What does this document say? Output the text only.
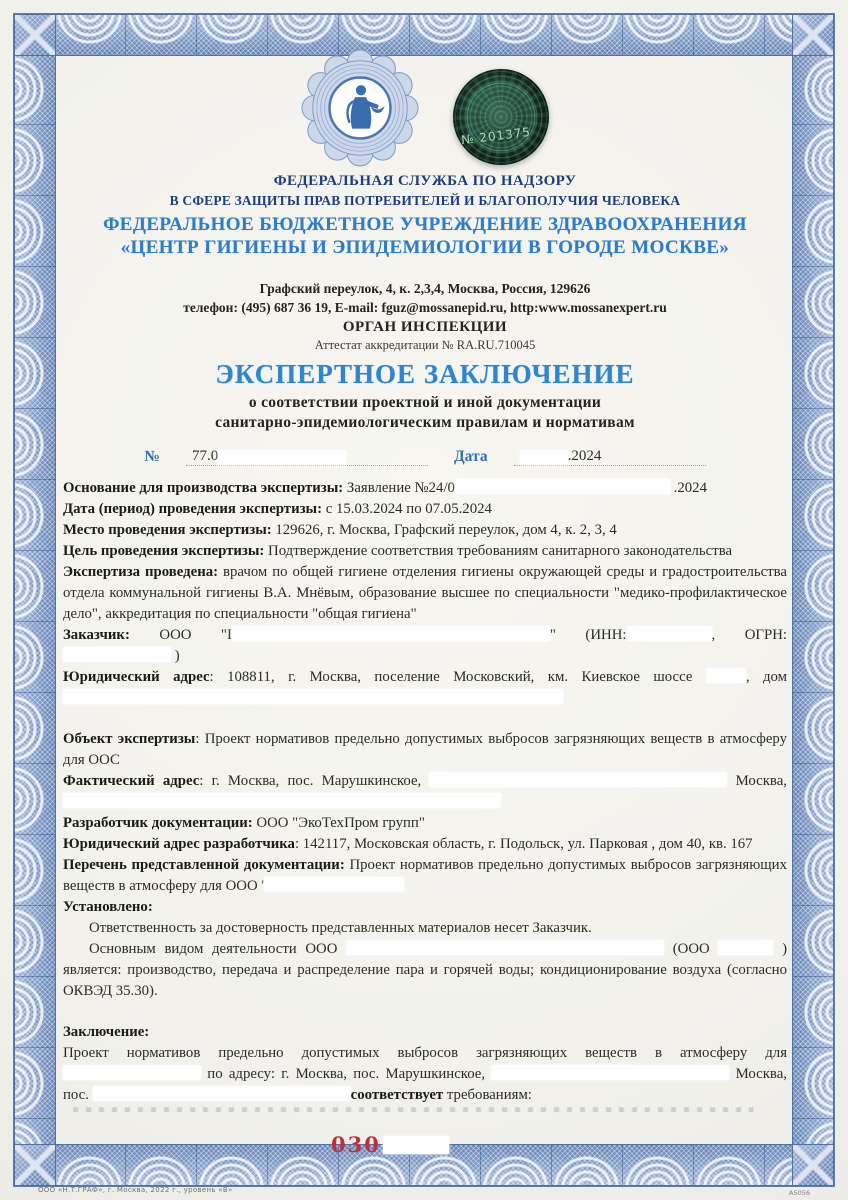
№ 201375
ФЕДЕРАЛЬНАЯ СЛУЖБА ПО НАДЗОРУ
В СФЕРЕ ЗАЩИТЫ ПРАВ ПОТРЕБИТЕЛЕЙ И БЛАГОПОЛУЧИЯ ЧЕЛОВЕКА
ФЕДЕРАЛЬНОЕ БЮДЖЕТНОЕ УЧРЕЖДЕНИЕ ЗДРАВООХРАНЕНИЯ
«ЦЕНТР ГИГИЕНЫ И ЭПИДЕМИОЛОГИИ В ГОРОДЕ МОСКВЕ»
Графский переулок, 4, к. 2,3,4, Москва, Россия, 129626
телефон: (495) 687 36 19, E-mail: fguz@mossanepid.ru, http:www.mossanexpert.ru
ОРГАН ИНСПЕКЦИИ
Аттестат аккредитации № RA.RU.710045
ЭКСПЕРТНОЕ ЗАКЛЮЧЕНИЕ
о соответствии проектной и иной документации
санитарно-эпидемиологическим правилам и нормативам
№ 77.0	Дата	.2024

Основание для производства экспертизы: Заявление №24/0	.2024

Дата (период) проведения экспертизы: с 15.03.2024 по 07.05.2024

Место проведения экспертизы: 129626, г. Москва, Графский переулок, дом 4, к. 2, 3, 4

Цель проведения экспертизы: Подтверждение соответствия требованиям санитарного законодательства

Экспертиза проведена: врачом по общей гигиене отделения гигиены окружающей среды и градостроительства отдела коммунальной гигиены В.А. Мнёвым, образование высшее по специальности "медико-профилактическое дело", аккредитация по специальности "общая гигиена"

Заказчик: ООО "I	" (ИНН:	, ОГРН: )

Юридический адрес: 108811, г. Москва, поселение Московский, км. Киевское шоссе	, дом

Объект экспертизы: Проект нормативов предельно допустимых выбросов загрязняющих веществ в атмосферу для ООС

Фактический адрес: г. Москва, пос. Марушкинское,	Москва,

Разработчик документации: ООО "ЭкоТехПром групп"

Юридический адрес разработчика: 142117, Московская область, г. Подольск, ул. Парковая , дом 40, кв. 167

Перечень представленной документации: Проект нормативов предельно допустимых выбросов загрязняющих веществ в атмосферу для ООО '

Установлено:

Ответственность за достоверность представленных материалов несет Заказчик.

Основным видом деятельности ООО	(ООО	) является: производство, передача и распределение пара и горячей воды; кондиционирование воздуха (согласно ОКВЭД 35.30).

Заключение:

Проект нормативов предельно допустимых выбросов загрязняющих веществ в атмосферу для  по адресу: г. Москва, пос. Марушкинское,	Москва, пос.	соответствует требованиям:

030
ООО «Н.Т.ГРАФ», г. Москва, 2022 г., уровень «В»	А5056
